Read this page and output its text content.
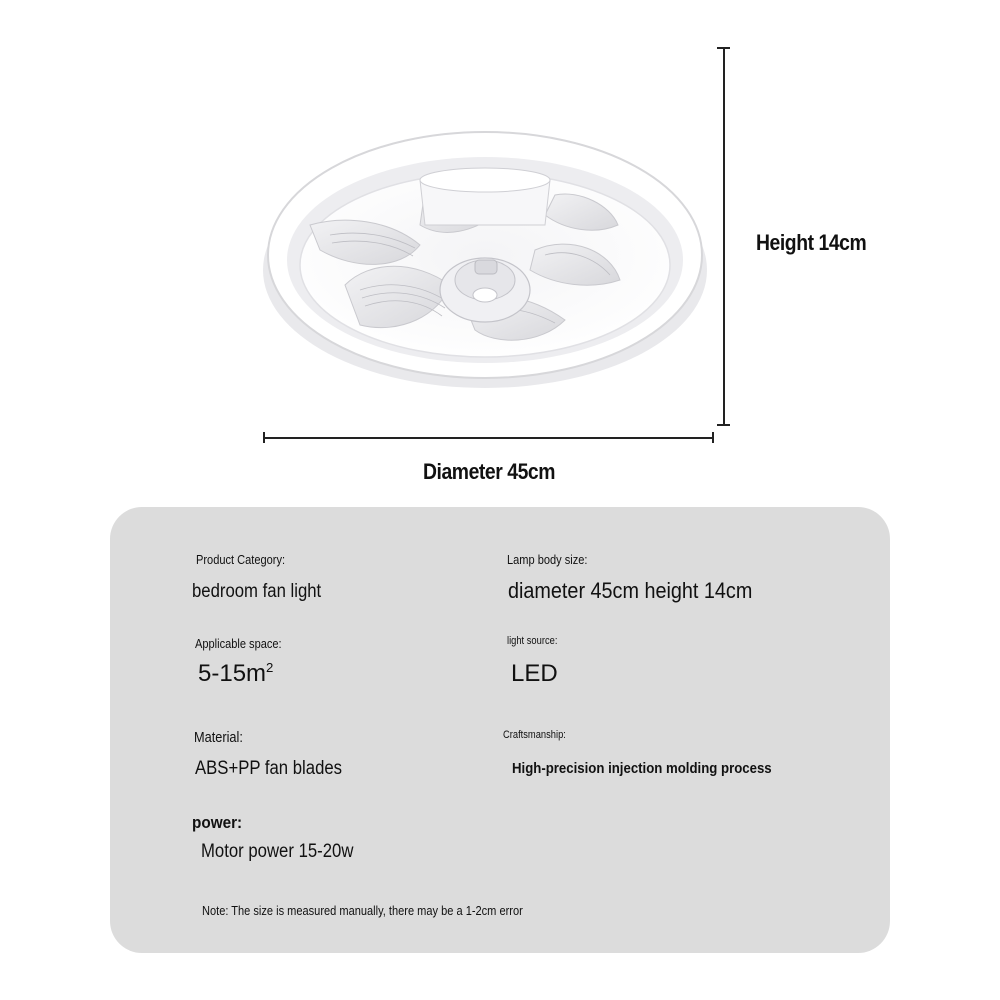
Height 14cm
Diameter 45cm
Product Category:
bedroom fan light
Lamp body size:
diameter 45cm height 14cm
Applicable space:
$5-15m^2$
light source:
LED
Material:
ABS+PP fan blades
Craftsmanship:
High-precision injection molding process
power:
Motor power 15-20w
Note: The size is measured manually, there may be a 1-2cm error
